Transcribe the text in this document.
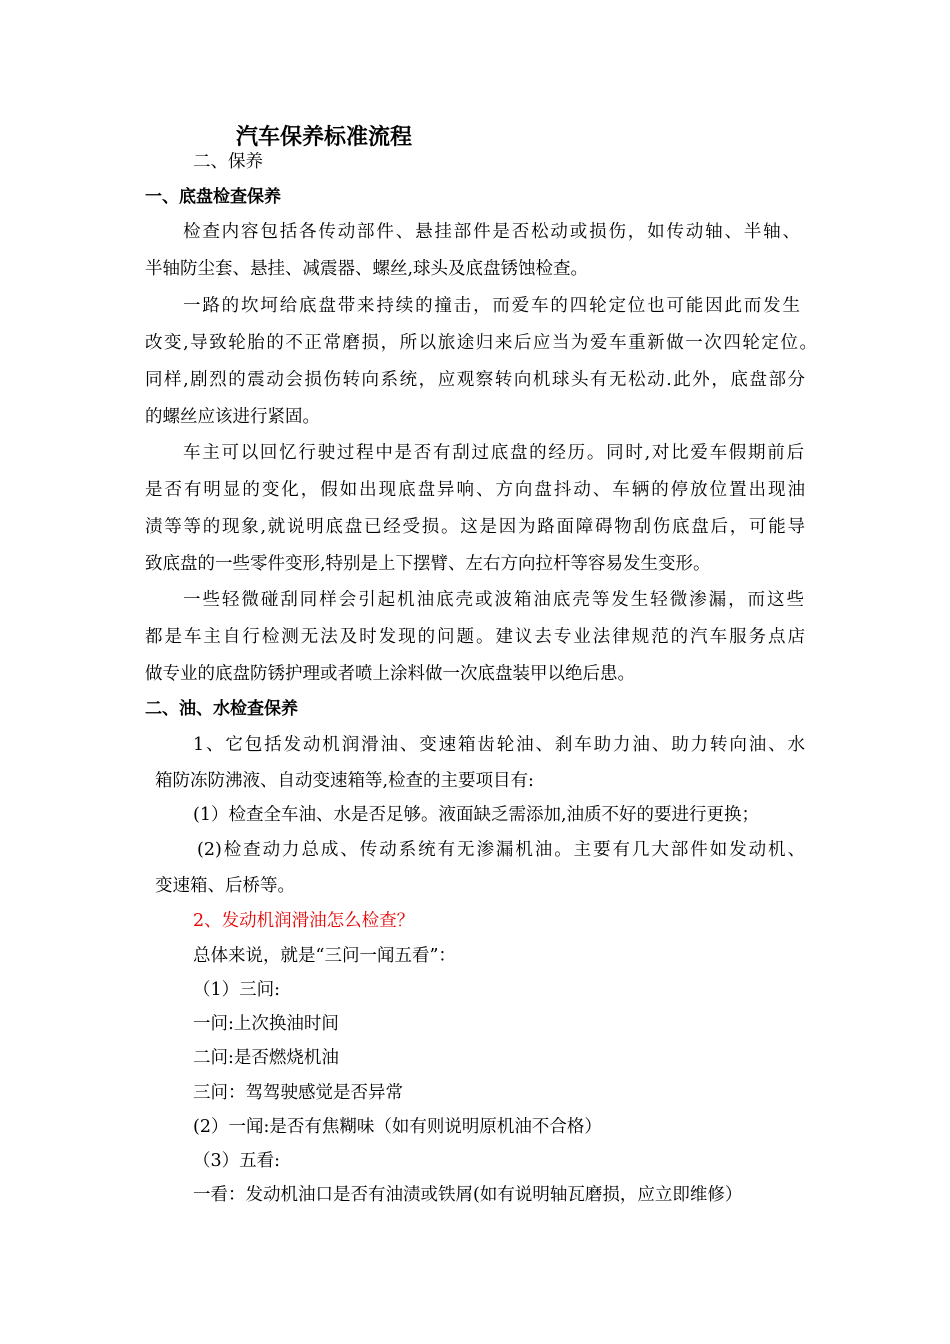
汽车保养标准流程
二、保养
一、底盘检查保养
检查内容包括各传动部件、悬挂部件是否松动或损伤，如传动轴、半轴、
半轴防尘套、悬挂、减震器、螺丝,球头及底盘锈蚀检查。
一路的坎坷给底盘带来持续的撞击，而爱车的四轮定位也可能因此而发生
改变,导致轮胎的不正常磨损，所以旅途归来后应当为爱车重新做一次四轮定位。
同样,剧烈的震动会损伤转向系统，应观察转向机球头有无松动.此外，底盘部分
的螺丝应该进行紧固。
车主可以回忆行驶过程中是否有刮过底盘的经历。同时,对比爱车假期前后
是否有明显的变化，假如出现底盘异响、方向盘抖动、车辆的停放位置出现油
渍等等的现象,就说明底盘已经受损。这是因为路面障碍物刮伤底盘后，可能导
致底盘的一些零件变形,特别是上下摆臂、左右方向拉杆等容易发生变形。
一些轻微碰刮同样会引起机油底壳或波箱油底壳等发生轻微渗漏，而这些
都是车主自行检测无法及时发现的问题。建议去专业法律规范的汽车服务点店
做专业的底盘防锈护理或者喷上涂料做一次底盘装甲以绝后患。
二、油、水检查保养
1、它包括发动机润滑油、变速箱齿轮油、刹车助力油、助力转向油、水
箱防冻防沸液、自动变速箱等,检查的主要项目有:
(1）检查全车油、水是否足够。液面缺乏需添加,油质不好的要进行更换；
(2)检查动力总成、传动系统有无渗漏机油。主要有几大部件如发动机、
变速箱、后桥等。
2、发动机润滑油怎么检查？
总体来说，就是“三问一闻五看”：
（1）三问:
一问:上次换油时间
二问:是否燃烧机油
三问：驾驾驶感觉是否异常
(2）一闻:是否有焦糊味（如有则说明原机油不合格）
（3）五看:
一看：发动机油口是否有油渍或铁屑(如有说明轴瓦磨损，应立即维修）
